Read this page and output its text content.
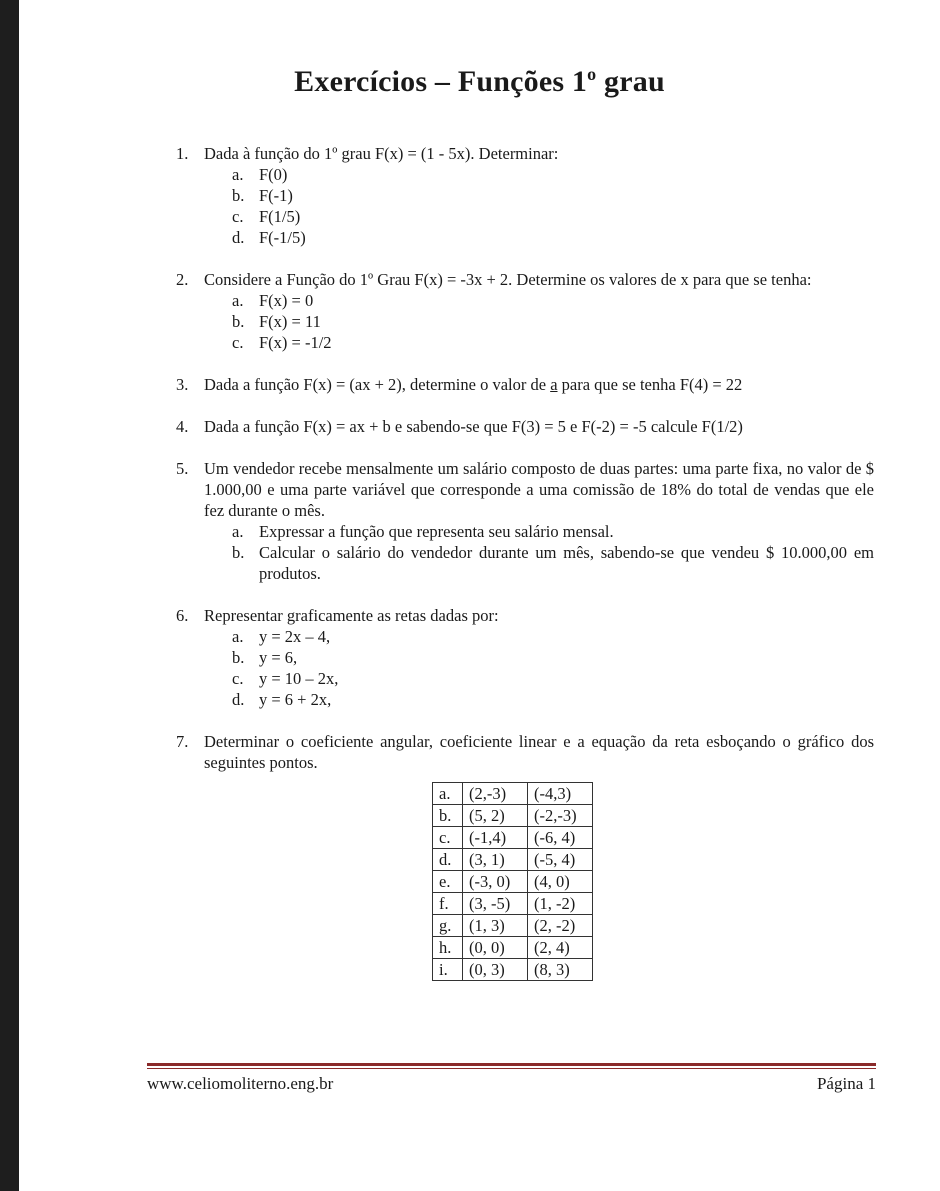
Exercícios – Funções 1$^o$ grau
1. Dada à função do 1º grau F(x) = (1 - 5x). Determinar:
a. F(0)
b. F(-1)
c. F(1/5)
d. F(-1/5)
2. Considere a Função do 1º Grau F(x) = -3x + 2. Determine os valores de x para que se tenha:
a. F(x) = 0
b. F(x) = 11
c. F(x) = -1/2
3. Dada a função F(x) = (ax + 2), determine o valor de a para que se tenha F(4) = 22
4. Dada a função F(x) = ax + b e sabendo-se que F(3) = 5 e F(-2) = -5 calcule F(1/2)
5. Um vendedor recebe mensalmente um salário composto de duas partes: uma parte fixa, no valor de $ 1.000,00 e uma parte variável que corresponde a uma comissão de 18% do total de vendas que ele fez durante o mês.
a. Expressar a função que representa seu salário mensal.
b. Calcular o salário do vendedor durante um mês, sabendo-se que vendeu $ 10.000,00 em produtos.
6. Representar graficamente as retas dadas por:
a. y = 2x – 4,
b. y = 6,
c. y = 10 – 2x,
d. y = 6 + 2x,
7. Determinar o coeficiente angular, coeficiente linear e a equação da reta esboçando o gráfico dos seguintes pontos.
a.	(2,-3)	(-4,3)
b.	(5, 2)	(-2,-3)
c.	(-1,4)	(-6, 4)
d.	(3, 1)	(-5, 4)
e.	(-3, 0)	(4, 0)
f.	(3, -5)	(1, -2)
g.	(1, 3)	(2, -2)
h.	(0, 0)	(2, 4)
i.	(0, 3)	(8, 3)
www.celiomoliterno.eng.br	Página 1
